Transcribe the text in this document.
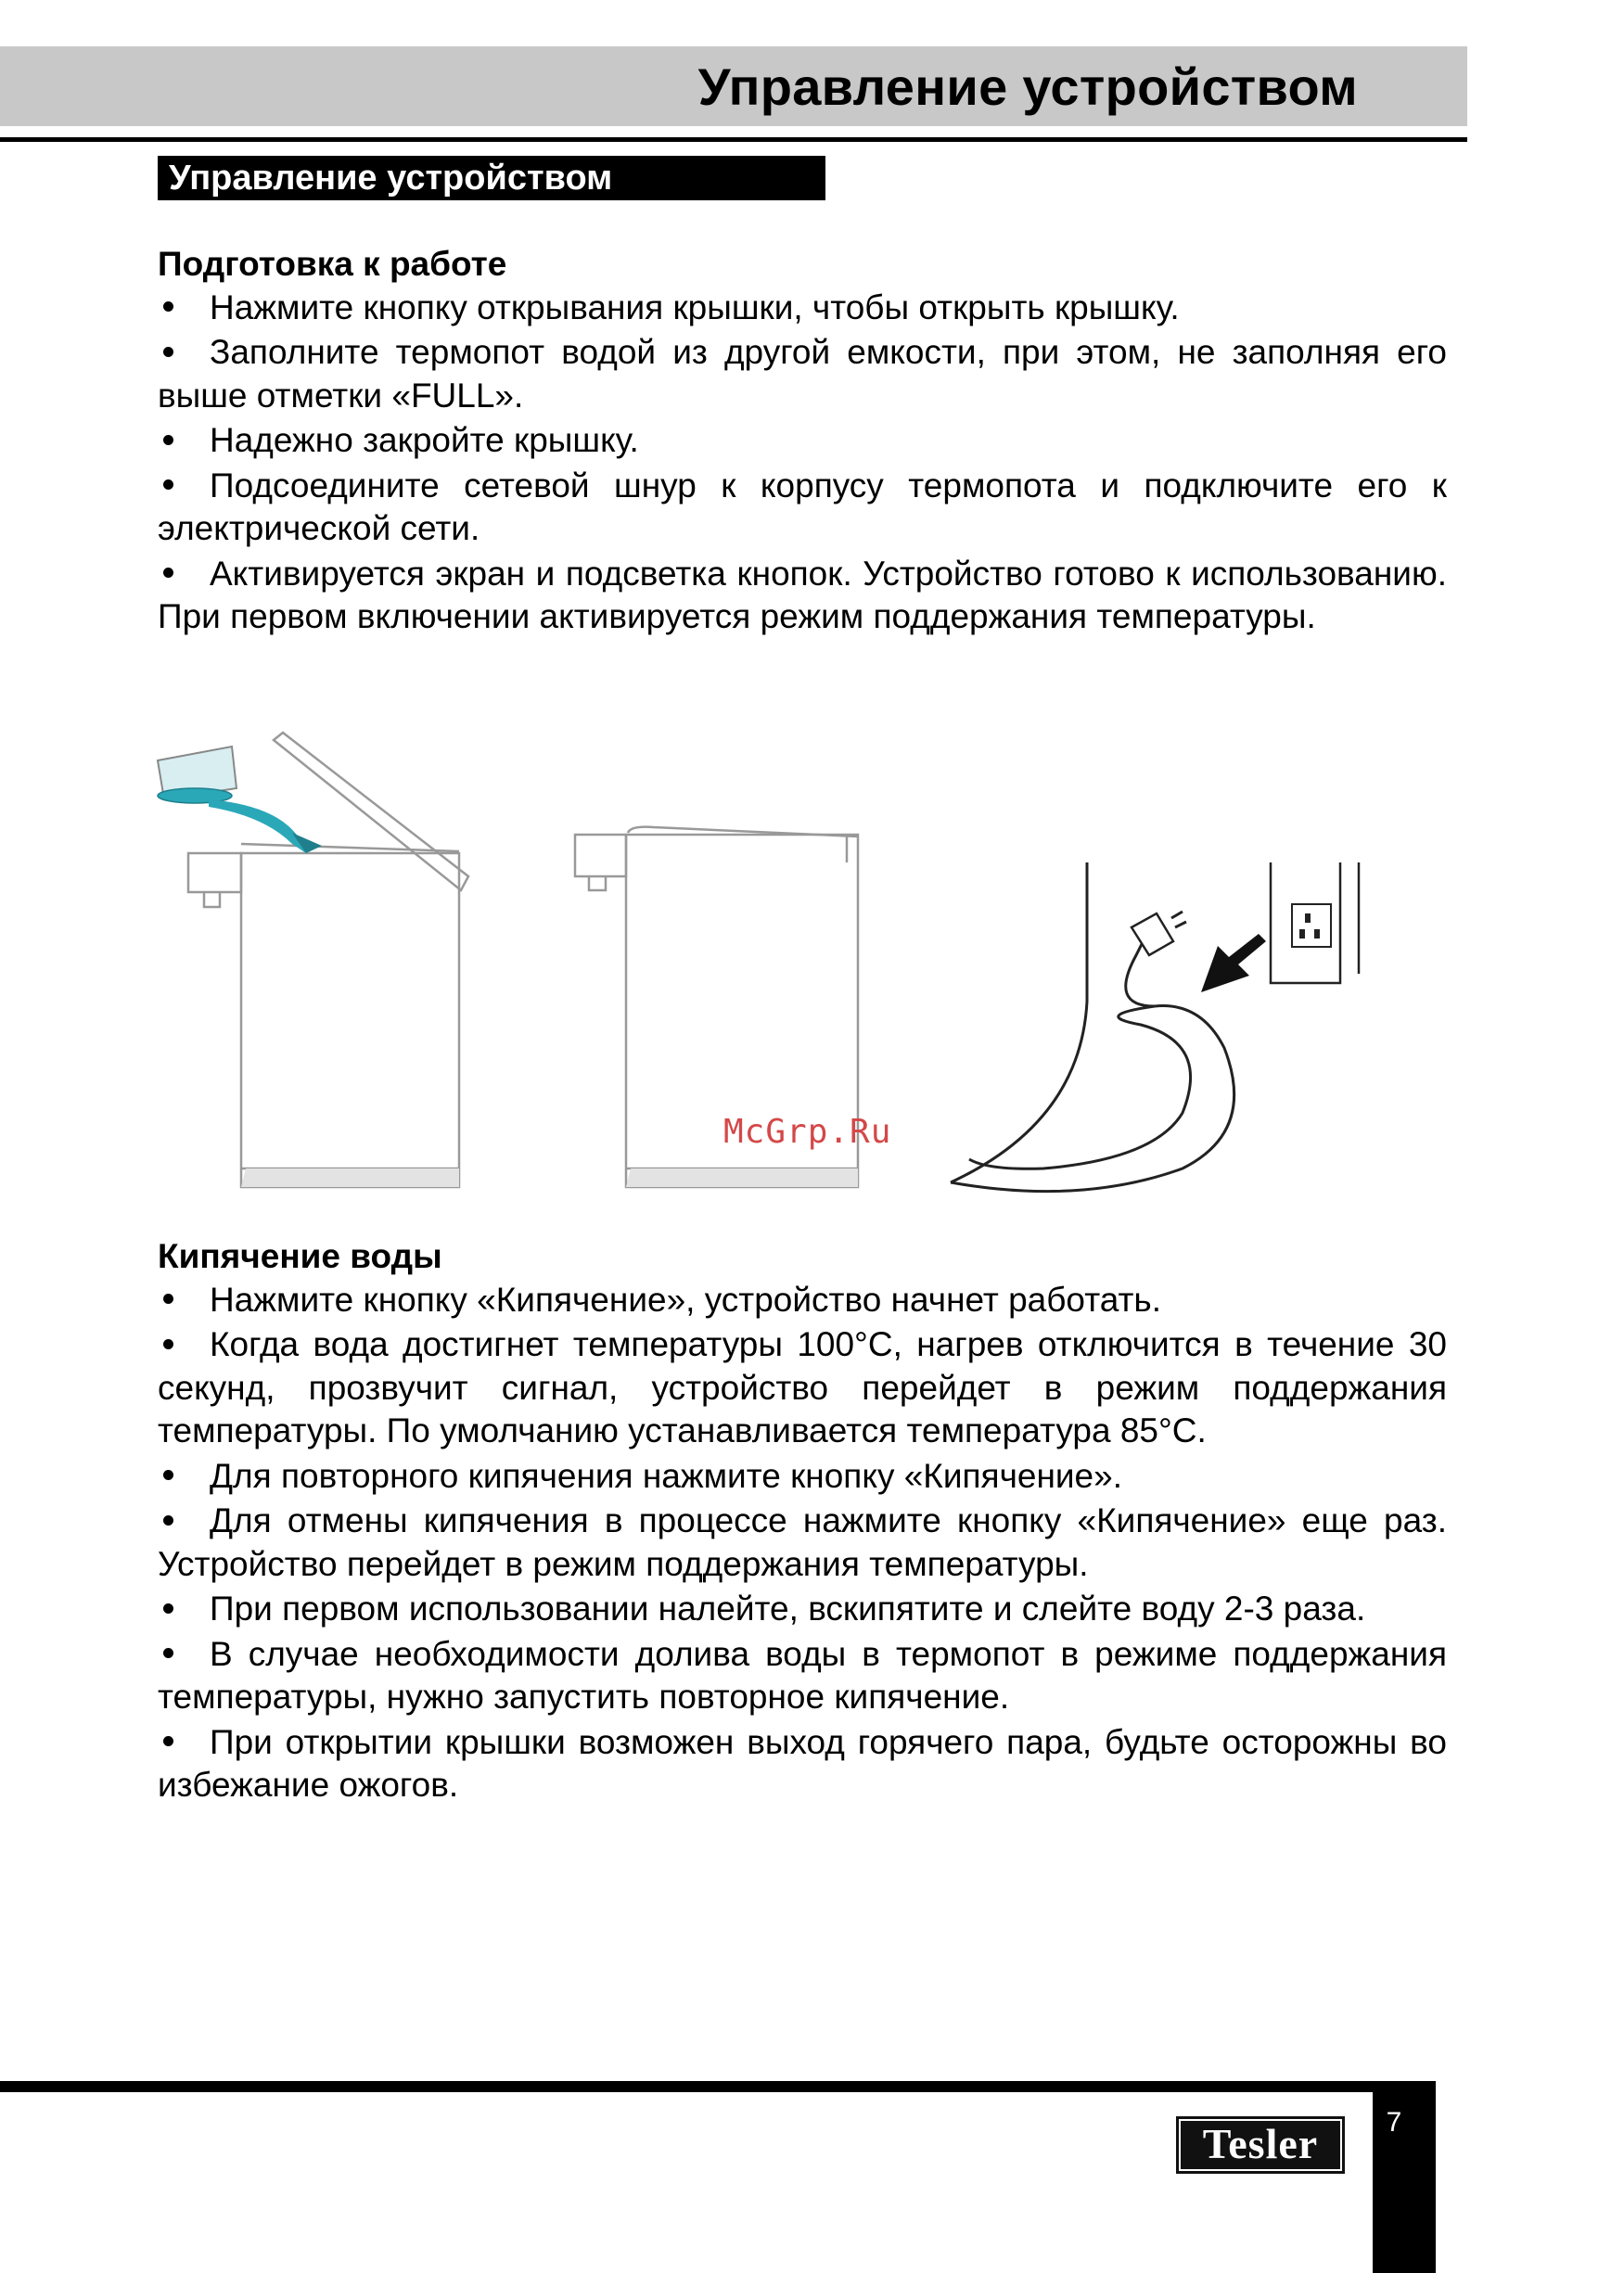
Управление устройством
Управление устройством
Подготовка к работе
Нажмите кнопку открывания крышки, чтобы открыть крышку.
Заполните термопот водой из другой емкости, при этом, не заполняя его выше отметки «FULL».
Надежно закройте крышку.
Подсоедините сетевой шнур к корпусу термопота и подключите его к электрической сети.
Активируется экран и подсветка кнопок. Устройство готово к использованию. При первом включении активируется режим поддержания температуры.
McGrp.Ru
Кипячение воды
Нажмите кнопку «Кипячение», устройство начнет работать.
Когда вода достигнет температуры 100°С, нагрев отключится в течение 30 секунд, прозвучит сигнал, устройство перейдет в режим поддержания температуры. По умолчанию устанавливается температура 85°С.
Для повторного кипячения нажмите кнопку «Кипячение».
Для отмены кипячения в процессе нажмите кнопку «Кипячение» еще раз. Устройство перейдет в режим поддержания температуры.
При первом использовании налейте, вскипятите и слейте воду 2-3 раза.
В случае необходимости долива воды в термопот в режиме поддержания температуры, нужно запустить повторное кипячение.
При открытии крышки возможен выход горячего пара, будьте осторожны во избежание ожогов.
7
Tesler
